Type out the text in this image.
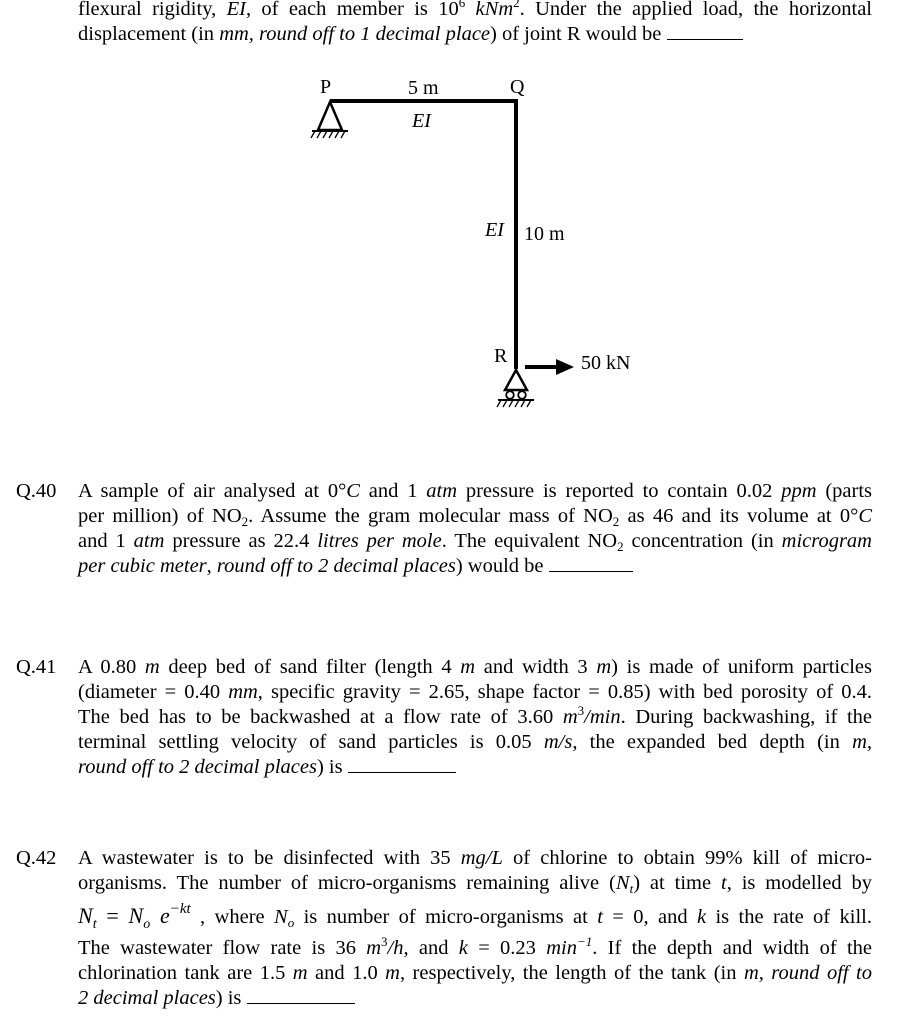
flexural rigidity, EI, of each member is $10^6$ kNm$^2$. Under the applied load, the horizontal
displacement (in mm, round off to 1 decimal place) of joint R would be
P	Q
R
5 m
EI
EI 10 m
50 kN
Q.40 A sample of air analysed at 0°C and 1 atm pressure is reported to contain 0.02 ppm (parts
per million) of $NO_2$. Assume the gram molecular mass of $NO_2$ as 46 and its volume at 0°C
and 1 atm pressure as 22.4 litres per mole. The equivalent $NO_2$ concentration (in microgram
per cubic meter, round off to 2 decimal places) would be
Q.41 A 0.80 m deep bed of sand filter (length 4 m and width 3 m) is made of uniform particles
(diameter = 0.40 mm, specific gravity = 2.65, shape factor = 0.85) with bed porosity of 0.4.
The bed has to be backwashed at a flow rate of 3.60 $m^3/\min$. During backwashing, if the
terminal settling velocity of sand particles is 0.05 m/s, the expanded bed depth (in m,
round off to 2 decimal places) is
Q.42 A wastewater is to be disinfected with 35 mg/L of chlorine to obtain 99% kill of micro-
organisms. The number of micro-organisms remaining alive $(N_t)$ at time t, is modelled by
$N_t = N_o$ $e^{-kt}$ , where $N_o$ is number of micro-organisms at t = 0, and k is the rate of kill.
The wastewater flow rate is 36 $m^3/h$, and k = 0.23 $\min^{-1}$. If the depth and width of the
chlorination tank are 1.5 m and 1.0 m, respectively, the length of the tank (in m, round off to
2 decimal places) is
